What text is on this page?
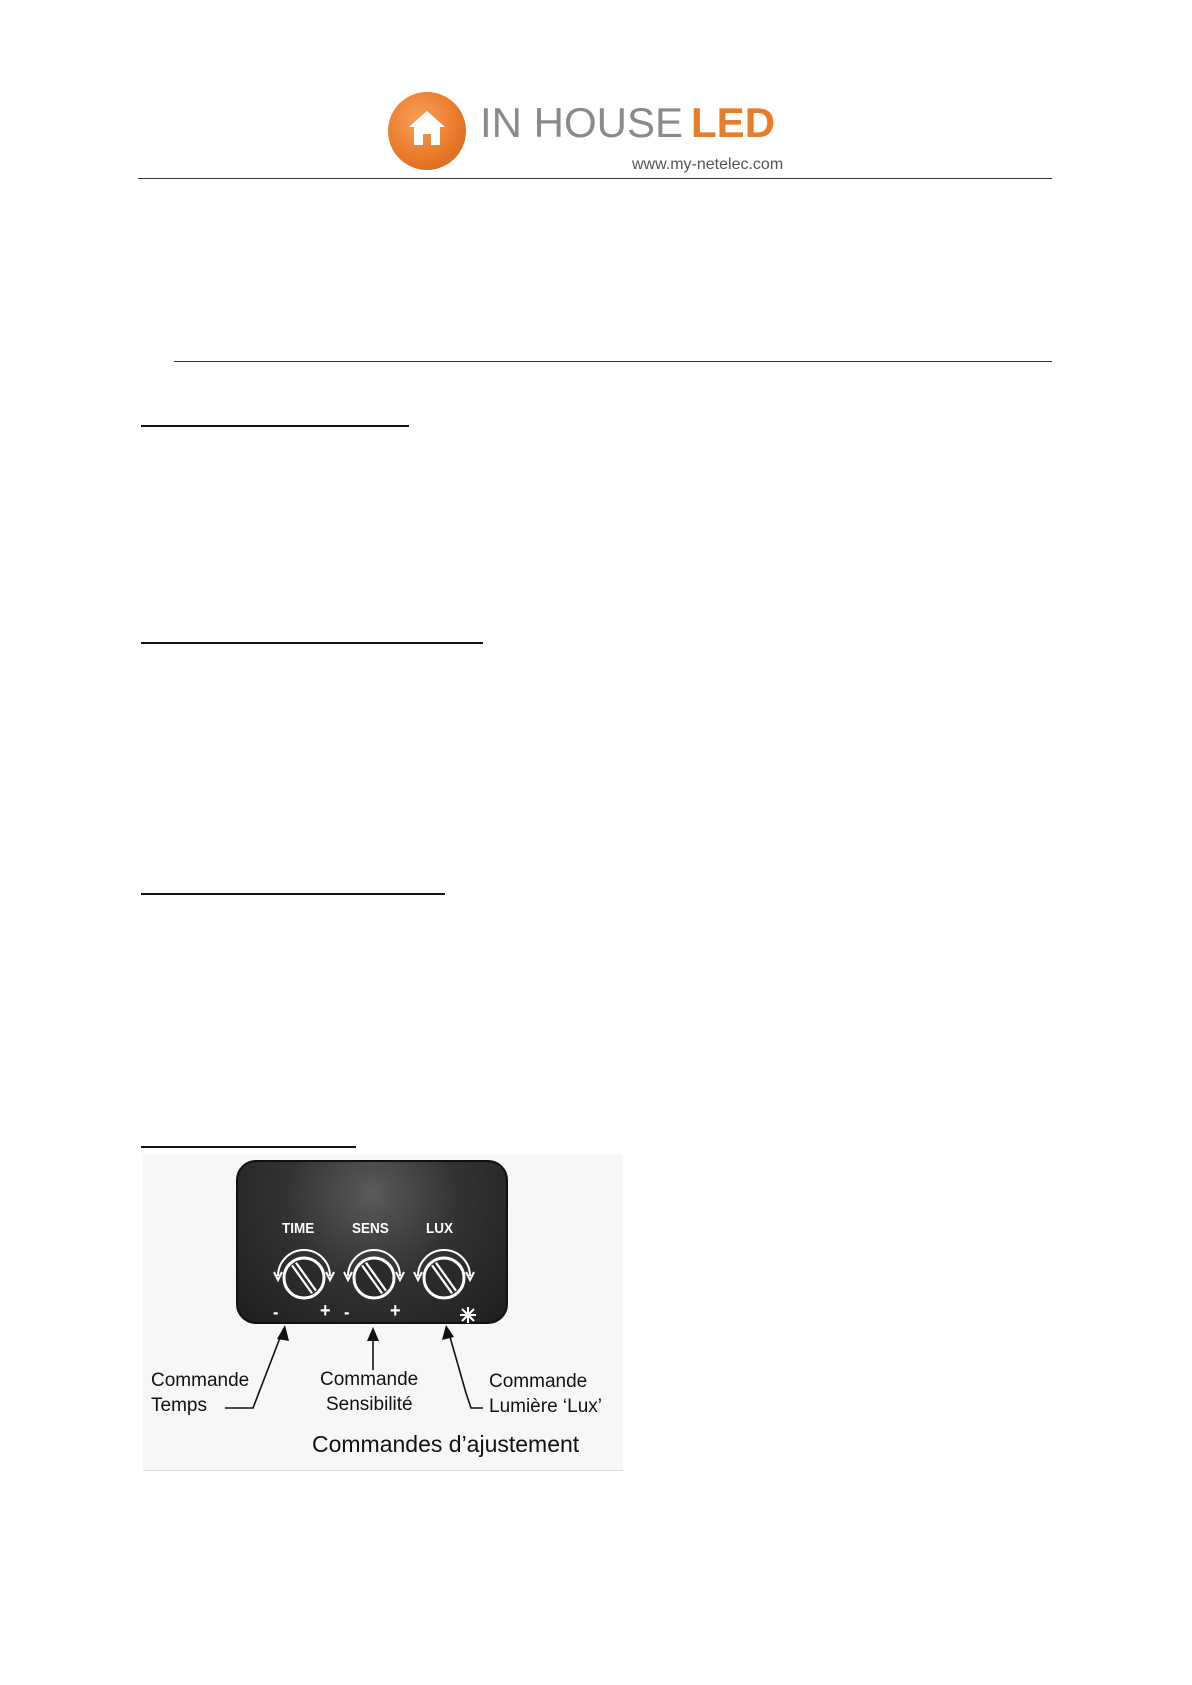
IN HOUSE LED
www.my-netelec.com
TIME
- +
SENS
- +
LUX
Commande
Temps
Commande
Sensibilité
Commande
Lumière ‘Lux’
Commandes d’ajustement
